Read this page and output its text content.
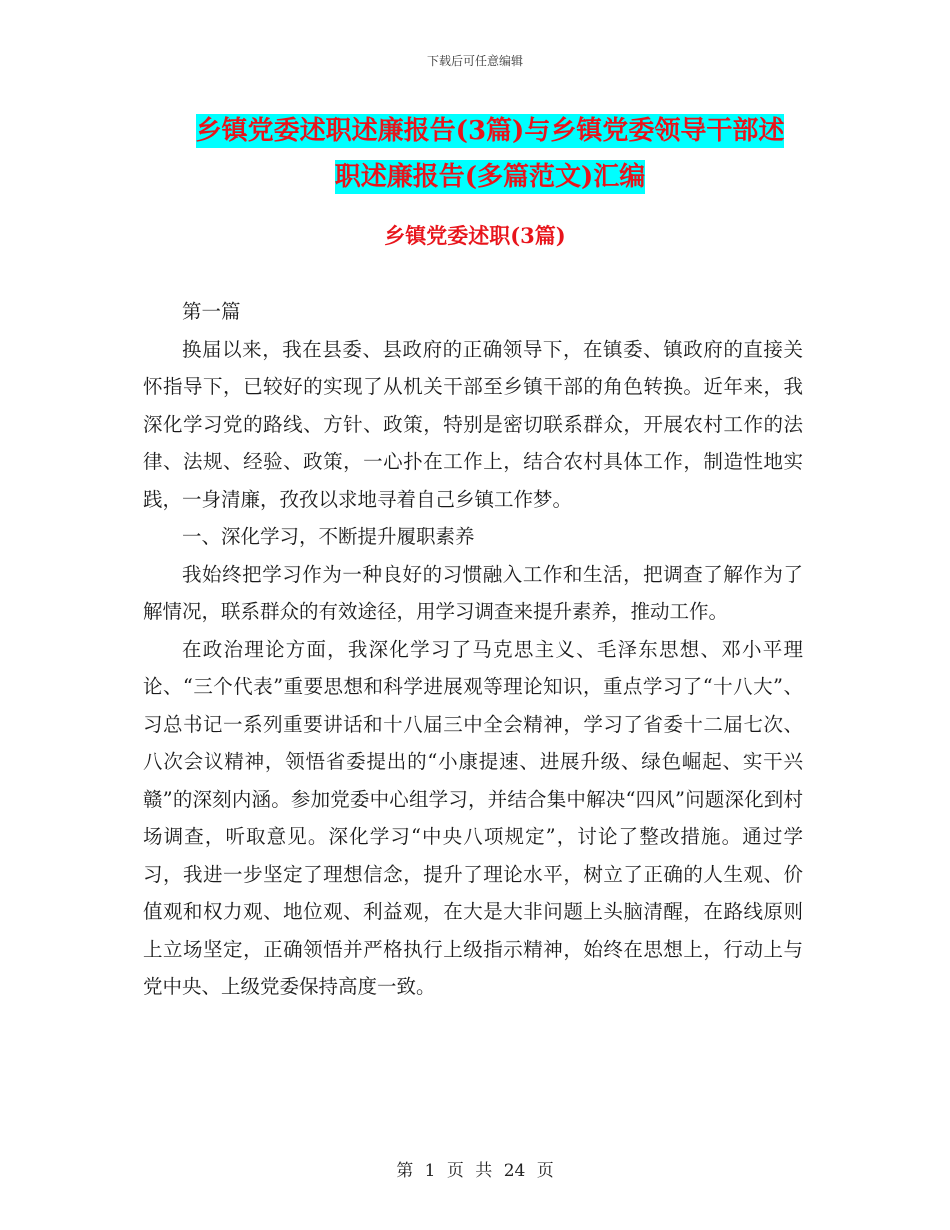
下载后可任意编辑
乡镇党委述职述廉报告(3篇)与乡镇党委领导干部述
职述廉报告(多篇范文)汇编
乡镇党委述职(3篇)

第一篇

换届以来，我在县委、县政府的正确领导下，在镇委、镇政府的直接关怀指导下，已较好的实现了从机关干部至乡镇干部的角色转换。近年来，我深化学习党的路线、方针、政策，特别是密切联系群众，开展农村工作的法律、法规、经验、政策，一心扑在工作上，结合农村具体工作，制造性地实践，一身清廉，孜孜以求地寻着自己乡镇工作梦。

一、深化学习，不断提升履职素养

我始终把学习作为一种良好的习惯融入工作和生活，把调查了解作为了解情况，联系群众的有效途径，用学习调查来提升素养，推动工作。

在政治理论方面，我深化学习了马克思主义、毛泽东思想、邓小平理论、“三个代表”重要思想和科学进展观等理论知识，重点学习了“十八大”、习总书记一系列重要讲话和十八届三中全会精神，学习了省委十二届七次、八次会议精神，领悟省委提出的“小康提速、进展升级、绿色崛起、实干兴赣”的深刻内涵。参加党委中心组学习，并结合集中解决“四风”问题深化到村场调查，听取意见。深化学习“中央八项规定”，讨论了整改措施。通过学习，我进一步坚定了理想信念，提升了理论水平，树立了正确的人生观、价值观和权力观、地位观、利益观，在大是大非问题上头脑清醒，在路线原则上立场坚定，正确领悟并严格执行上级指示精神，始终在思想上，行动上与党中央、上级党委保持高度一致。

第 1 页 共 24 页
